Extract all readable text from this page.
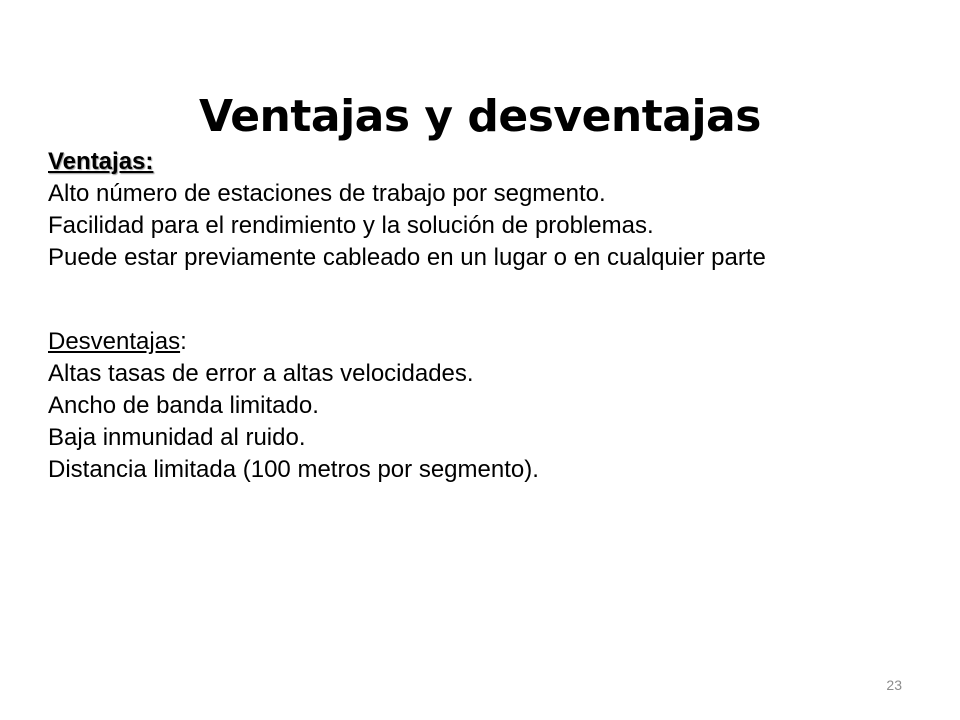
Ventajas y desventajas
Ventajas:
Alto número de estaciones de trabajo por segmento.
Facilidad para el rendimiento y la solución de problemas.
Puede estar previamente cableado en un lugar o en cualquier parte
Desventajas:
Altas tasas de error a altas velocidades.
Ancho de banda limitado.
Baja inmunidad al ruido.
Distancia limitada (100 metros por segmento).
23
